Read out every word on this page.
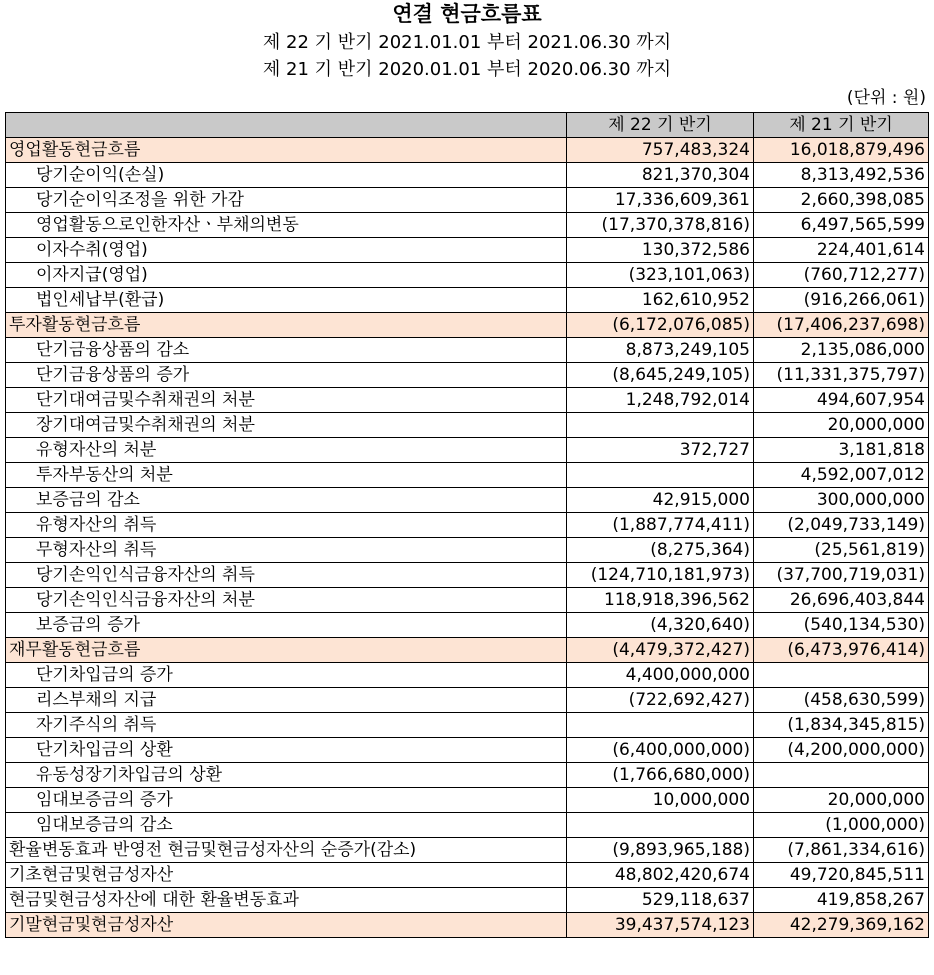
연결 현금흐름표
제 22 기 반기 2021.01.01 부터 2021.06.30 까지
제 21 기 반기 2020.01.01 부터 2020.06.30 까지
(단위 : 원)
	제 22 기 반기	제 21 기 반기
영업활동현금흐름	757,483,324	16,018,879,496
당기순이익(손실)	821,370,304	8,313,492,536
당기순이익조정을 위한 가감	17,336,609,361	2,660,398,085
영업활동으로인한자산ㆍ부채의변동	(17,370,378,816)	6,497,565,599
이자수취(영업)	130,372,586	224,401,614
이자지급(영업)	(323,101,063)	(760,712,277)
법인세납부(환급)	162,610,952	(916,266,061)
투자활동현금흐름	(6,172,076,085)	(17,406,237,698)
단기금융상품의 감소	8,873,249,105	2,135,086,000
단기금융상품의 증가	(8,645,249,105)	(11,331,375,797)
단기대여금및수취채권의 처분	1,248,792,014	494,607,954
장기대여금및수취채권의 처분		20,000,000
유형자산의 처분	372,727	3,181,818
투자부동산의 처분		4,592,007,012
보증금의 감소	42,915,000	300,000,000
유형자산의 취득	(1,887,774,411)	(2,049,733,149)
무형자산의 취득	(8,275,364)	(25,561,819)
당기손익인식금융자산의 취득	(124,710,181,973)	(37,700,719,031)
당기손익인식금융자산의 처분	118,918,396,562	26,696,403,844
보증금의 증가	(4,320,640)	(540,134,530)
재무활동현금흐름	(4,479,372,427)	(6,473,976,414)
단기차입금의 증가	4,400,000,000	
리스부채의 지급	(722,692,427)	(458,630,599)
자기주식의 취득		(1,834,345,815)
단기차입금의 상환	(6,400,000,000)	(4,200,000,000)
유동성장기차입금의 상환	(1,766,680,000)	
임대보증금의 증가	10,000,000	20,000,000
임대보증금의 감소		(1,000,000)
환율변동효과 반영전 현금및현금성자산의 순증가(감소)	(9,893,965,188)	(7,861,334,616)
기초현금및현금성자산	48,802,420,674	49,720,845,511
현금및현금성자산에 대한 환율변동효과	529,118,637	419,858,267
기말현금및현금성자산	39,437,574,123	42,279,369,162
